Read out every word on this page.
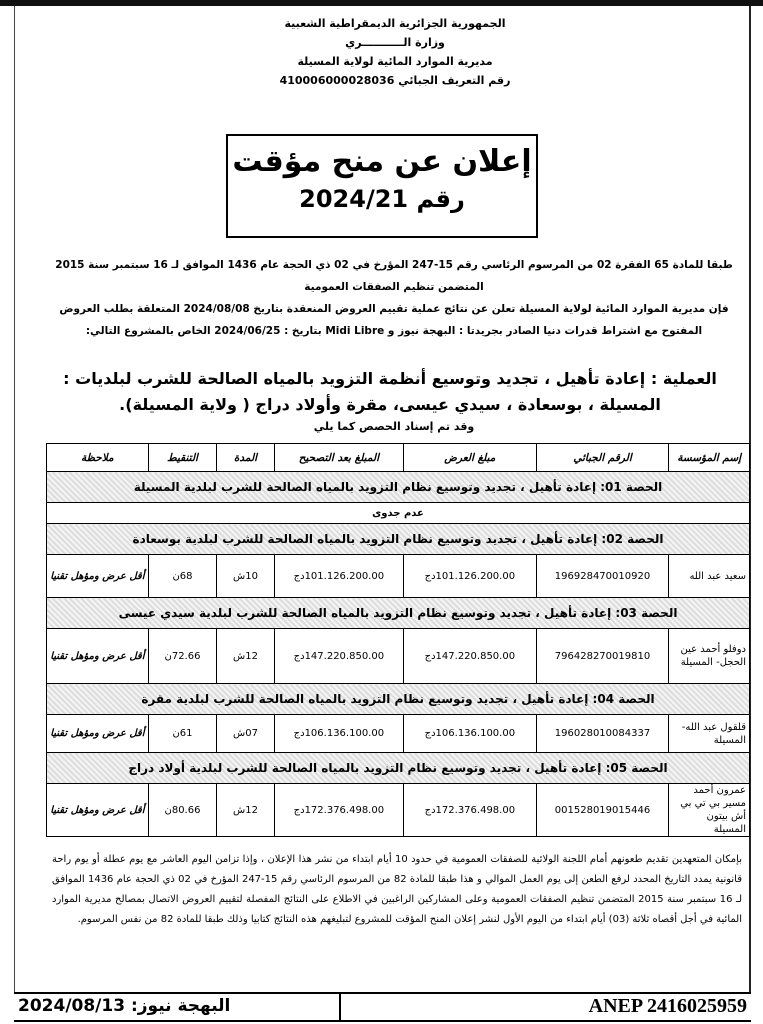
الجمهورية الجزائرية الديمقراطية الشعبية
وزارة الـــــــــــري
مديرية الموارد المائية لولاية المسيلة
رقم التعريف الجبائي 410006000028036
إعلان عن منح مؤقت
رقم 2024/21
طبقا للمادة 65 الفقرة 02 من المرسوم الرئاسي رقم 15-247 المؤرخ في 02 ذي الحجة عام 1436 الموافق لـ 16 سبتمبر سنة 2015 المتضمن تنظيم الصفقات العمومية
فإن مديرية الموارد المائية لولاية المسيلة تعلن عن نتائج عملية تقييم العروض المنعقدة بتاريخ 2024/08/08 المتعلقة بطلب العروض المفتوح مع اشتراط قدرات دنيا الصادر بجريدتا : البهجة نيوز و Midi Libre بتاريخ : 2024/06/25 الخاص بالمشروع التالي:
العملية : إعادة تأهيل ، تجديد وتوسيع أنظمة التزويد بالمياه الصالحة للشرب لبلديات : المسيلة ، بوسعادة ، سيدي عيسى، مقرة وأولاد دراج ( ولاية المسيلة).
وقد تم إسناد الحصص كما يلي
إسم المؤسسة	الرقم الجبائي	مبلغ العرض	المبلغ بعد التصحيح	المدة	التنقيط	ملاحظة
الحصة 01: إعادة تأهيل ، تجديد وتوسيع نظام التزويد بالمياه الصالحة للشرب لبلدية المسيلة						
عدم جدوى						
الحصة 02: إعادة تأهيل ، تجديد وتوسيع نظام التزويد بالمياه الصالحة للشرب لبلدية بوسعادة						
سعيد عبد الله	196928470010920	101.126.200.00دج	101.126.200.00دج	10ش	68ن	أقل عرض ومؤهل تقنيا
الحصة 03: إعادة تأهيل ، تجديد وتوسيع نظام التزويد بالمياه الصالحة للشرب لبلدية سيدي عيسى						
دوفلو أحمد عين الحجل- المسيلة	796428270019810	147.220.850.00دج	147.220.850.00دج	12ش	72.66ن	أقل عرض ومؤهل تقنيا
الحصة 04: إعادة تأهيل ، تجديد وتوسيع نظام التزويد بالمياه الصالحة للشرب لبلدية مقرة						
قلقول عبد الله- المسيلة	196028010084337	106.136.100.00دج	106.136.100.00دج	07ش	61ن	أقل عرض ومؤهل تقنيا
الحصة 05: إعادة تأهيل ، تجديد وتوسيع نظام التزويد بالمياه الصالحة للشرب لبلدية أولاد دراج						
عمرون أحمد مسير بي تي بي أش بيتون المسيلة	001528019015446	172.376.498.00دج	172.376.498.00دج	12ش	80.66ن	أقل عرض ومؤهل تقنيا
بإمكان المتعهدين تقديم طعونهم أمام اللجنة الولائية للصفقات العمومية في حدود 10 أيام ابتداء من نشر هذا الإعلان ، وإذا تزامن اليوم العاشر مع يوم عطلة أو يوم راحة قانونية يمدد التاريخ المحدد لرفع الطعن إلى يوم العمل الموالي و هذا طبقا للمادة 82 من المرسوم الرئاسي رقم 15-247 المؤرخ في 02 ذي الحجة عام 1436 الموافق لـ 16 سبتمبر سنة 2015 المتضمن تنظيم الصفقات العمومية وعلى المشاركين الراغبين في الاطلاع على النتائج المفصلة لتقييم العروض الاتصال بمصالح مديرية الموارد المائية في أجل أقصاه ثلاثة (03) أيام ابتداء من اليوم الأول لنشر إعلان المنح المؤقت للمشروع لتبليغهم هذه النتائج كتابيا وذلك طبقا للمادة 82 من نفس المرسوم.
البهجة نيوز: 2024/08/13	ANEP 2416025959
